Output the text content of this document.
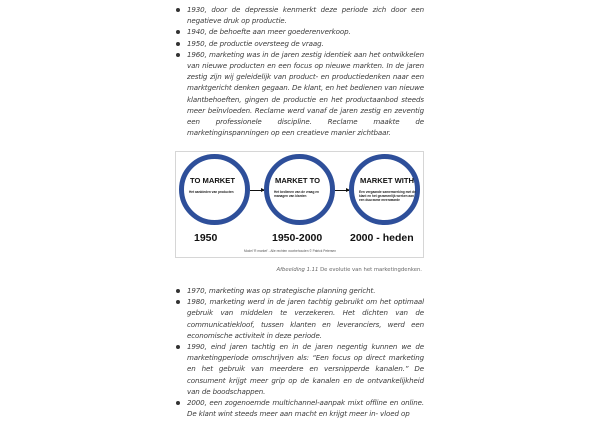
1930, door de depressie kenmerkt deze periode zich door een negatieve druk op productie.
1940, de behoefte aan meer goederenverkoop.
1950, de productie oversteeg de vraag.
1960, marketing was in de jaren zestig identiek aan het ontwikkelen van nieuwe producten en een focus op nieuwe markten. In de jaren zestig zijn wij geleidelijk van product- en productiedenken naar een marktgericht denken gegaan. De klant, en het bedienen van nieuwe klantbehoeften, gingen de productie en het productaanbod steeds meer beïnvloeden. Reclame werd vanaf de jaren zestig en zeventig een professionele discipline. Reclame maakte de marketinginspanningen op een creatieve manier zichtbaar.
TO MARKET
Het aanbieden van producten
MARKET TO
Het bedienen van de vraag en managen van klanten
MARKET WITH
Een vergaande samenwerking met de klant en het gezamenlijk werken aan een duurzame meerwaarde
1950	1950-2000	2000 - heden
Model 'R market' - Alle rechten voorbehouden © Patrick Petersen
Afbeelding 1.11 De evolutie van het marketingdenken.
1970, marketing was op strategische planning gericht.
1980, marketing werd in de jaren tachtig gebruikt om het optimaal gebruik van middelen te verzekeren. Het dichten van de communicatiekloof, tussen klanten en leveranciers, werd een economische activiteit in deze periode.
1990, eind jaren tachtig en in de jaren negentig kunnen we de marketingperiode omschrijven als: “Een focus op direct marketing en het gebruik van meerdere en versnipperde kanalen.” De consument krijgt meer grip op de kanalen en de ontvankelijkheid van de boodschappen.
2000, een zogenoemde multichannel-aanpak mixt offline en online. De klant wint steeds meer aan macht en krijgt meer in- vloed op
